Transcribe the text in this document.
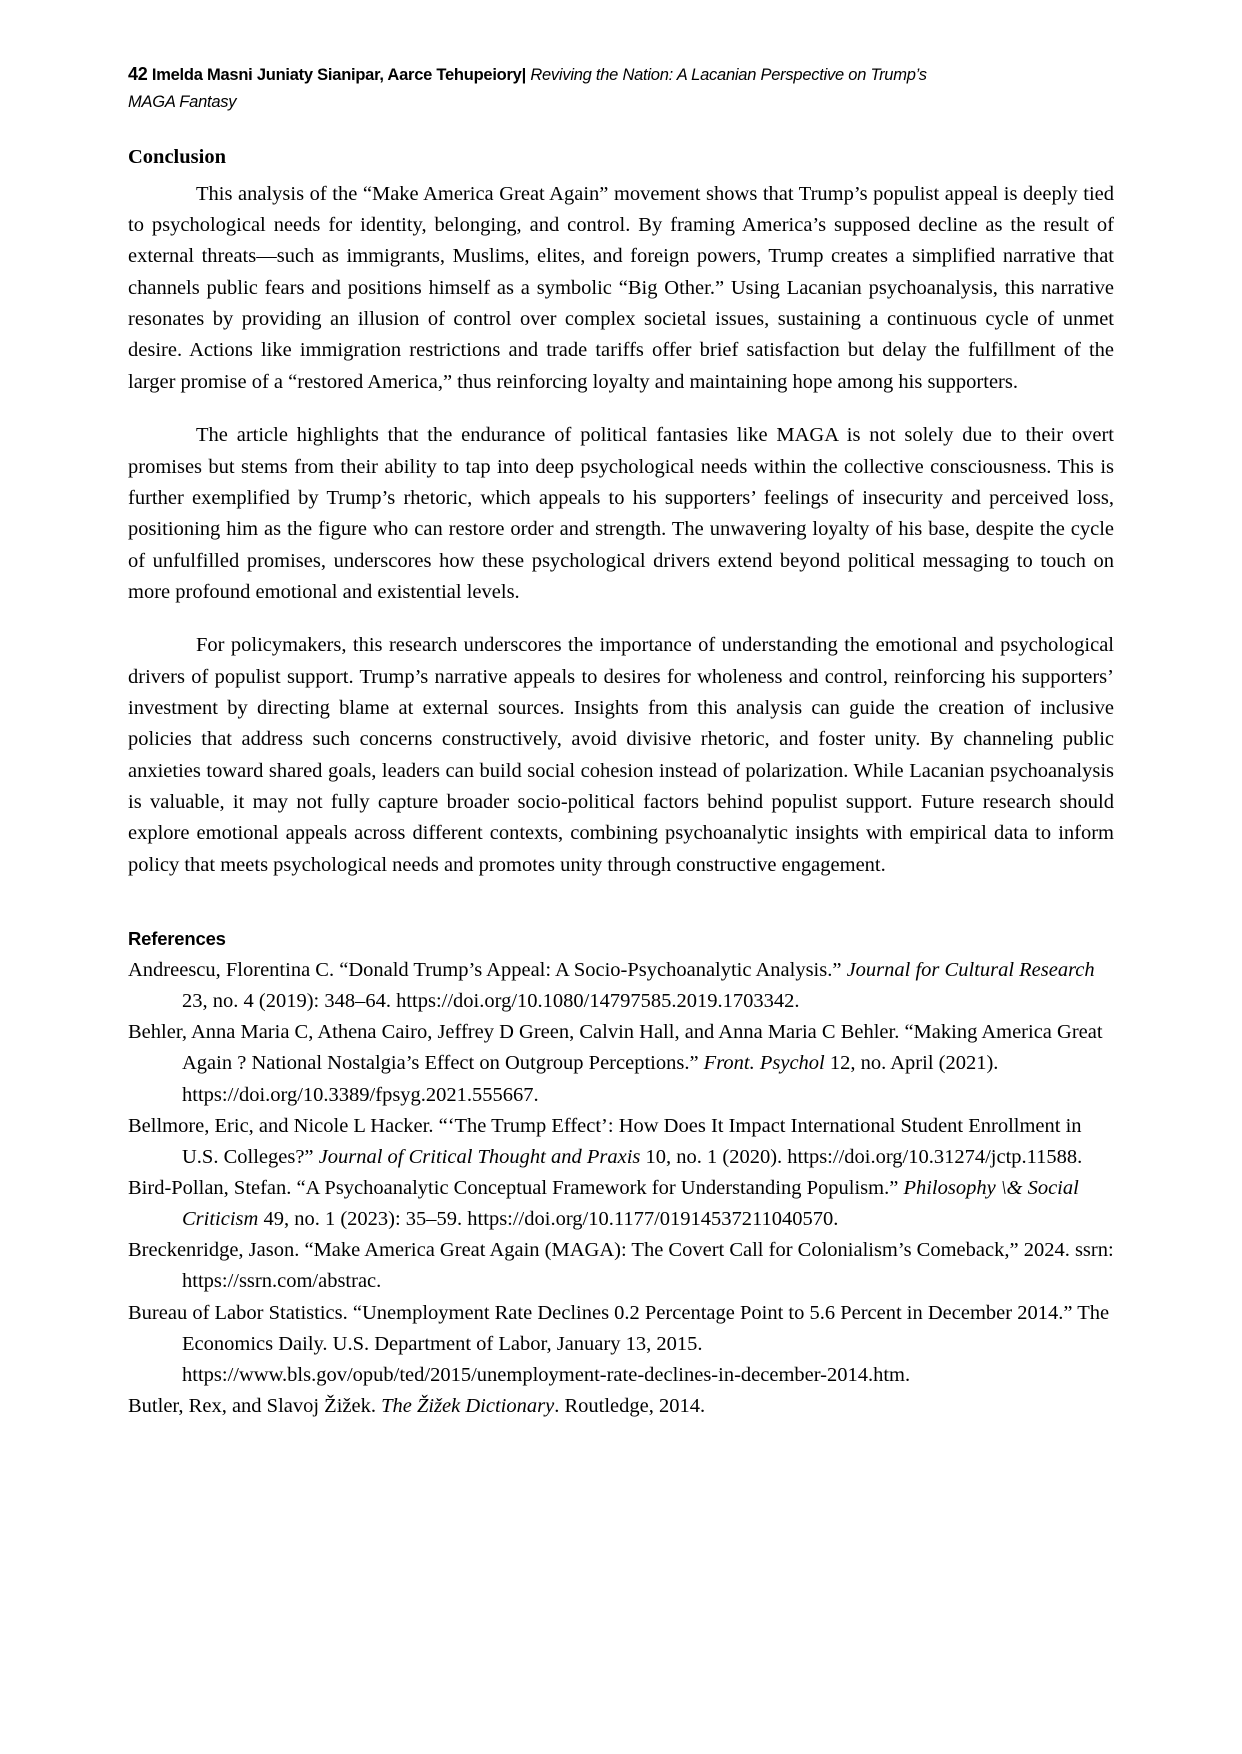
42 Imelda Masni Juniaty Sianipar, Aarce Tehupeiory| Reviving the Nation: A Lacanian Perspective on Trump’s MAGA Fantasy
Conclusion

This analysis of the “Make America Great Again” movement shows that Trump’s populist appeal is deeply tied to psychological needs for identity, belonging, and control. By framing America’s supposed decline as the result of external threats—such as immigrants, Muslims, elites, and foreign powers, Trump creates a simplified narrative that channels public fears and positions himself as a symbolic “Big Other.” Using Lacanian psychoanalysis, this narrative resonates by providing an illusion of control over complex societal issues, sustaining a continuous cycle of unmet desire. Actions like immigration restrictions and trade tariffs offer brief satisfaction but delay the fulfillment of the larger promise of a “restored America,” thus reinforcing loyalty and maintaining hope among his supporters.

The article highlights that the endurance of political fantasies like MAGA is not solely due to their overt promises but stems from their ability to tap into deep psychological needs within the collective consciousness. This is further exemplified by Trump’s rhetoric, which appeals to his supporters’ feelings of insecurity and perceived loss, positioning him as the figure who can restore order and strength. The unwavering loyalty of his base, despite the cycle of unfulfilled promises, underscores how these psychological drivers extend beyond political messaging to touch on more profound emotional and existential levels.

For policymakers, this research underscores the importance of understanding the emotional and psychological drivers of populist support. Trump’s narrative appeals to desires for wholeness and control, reinforcing his supporters’ investment by directing blame at external sources. Insights from this analysis can guide the creation of inclusive policies that address such concerns constructively, avoid divisive rhetoric, and foster unity. By channeling public anxieties toward shared goals, leaders can build social cohesion instead of polarization. While Lacanian psychoanalysis is valuable, it may not fully capture broader socio-political factors behind populist support. Future research should explore emotional appeals across different contexts, combining psychoanalytic insights with empirical data to inform policy that meets psychological needs and promotes unity through constructive engagement.

References

Andreescu, Florentina C. “Donald Trump’s Appeal: A Socio-Psychoanalytic Analysis.” Journal for Cultural Research 23, no. 4 (2019): 348–64. https://doi.org/10.1080/14797585.2019.1703342.

Behler, Anna Maria C, Athena Cairo, Jeffrey D Green, Calvin Hall, and Anna Maria C Behler. “Making America Great Again ? National Nostalgia’s Effect on Outgroup Perceptions.” Front. Psychol 12, no. April (2021). https://doi.org/10.3389/fpsyg.2021.555667.

Bellmore, Eric, and Nicole L Hacker. “‘The Trump Effect’: How Does It Impact International Student Enrollment in U.S. Colleges?” Journal of Critical Thought and Praxis 10, no. 1 (2020). https://doi.org/10.31274/jctp.11588.

Bird-Pollan, Stefan. “A Psychoanalytic Conceptual Framework for Understanding Populism.” Philosophy \& Social Criticism 49, no. 1 (2023): 35–59. https://doi.org/10.1177/01914537211040570.

Breckenridge, Jason. “Make America Great Again (MAGA): The Covert Call for Colonialism’s Comeback,” 2024. ssrn: https://ssrn.com/abstrac.

Bureau of Labor Statistics. “Unemployment Rate Declines 0.2 Percentage Point to 5.6 Percent in December 2014.” The Economics Daily. U.S. Department of Labor, January 13, 2015. https://www.bls.gov/opub/ted/2015/unemployment-rate-declines-in-december-2014.htm.

Butler, Rex, and Slavoj Žižek. The Žižek Dictionary. Routledge, 2014.
